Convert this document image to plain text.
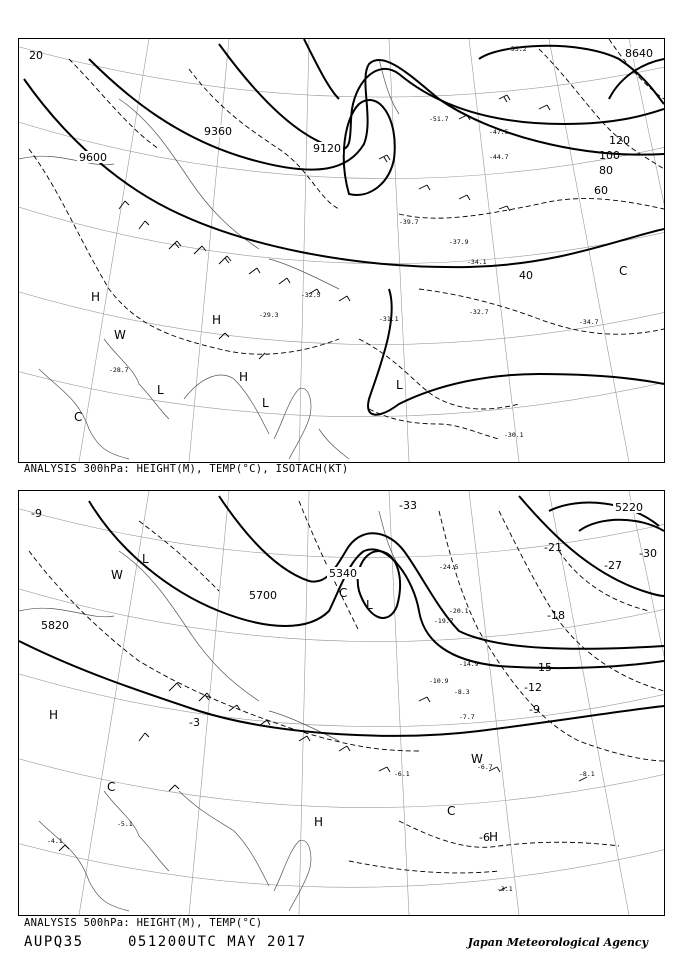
9600
9360
9120
8640
20
40
60
80
100
120
H
H
H
L
L
L
W
C
C
-51.7
-53.2
-47.5
-44.7
-39.7
-37.9
-34.1
-32.5
-31.1
-32.7
-29.3
-28.7
-30.1
-34.7
ANALYSIS 300hPa: HEIGHT(M), TEMP(°C), ISOTACH(KT)
5820
5700
5340
5220
-9
-30
-27
-21
-18
-15
-12
-9
-6
-3
-33
H
H
H
L
L
W
W
C
C
C
-24.5
-20.1
-19.7
-14.9
-10.9
-8.3
-7.7
-6.1
-6.7
-8.1
-4.1
-3.1
-5.1
ANALYSIS 500hPa: HEIGHT(M), TEMP(°C)
AUPQ35	051200UTC MAY 2017	Japan Meteorological Agency
